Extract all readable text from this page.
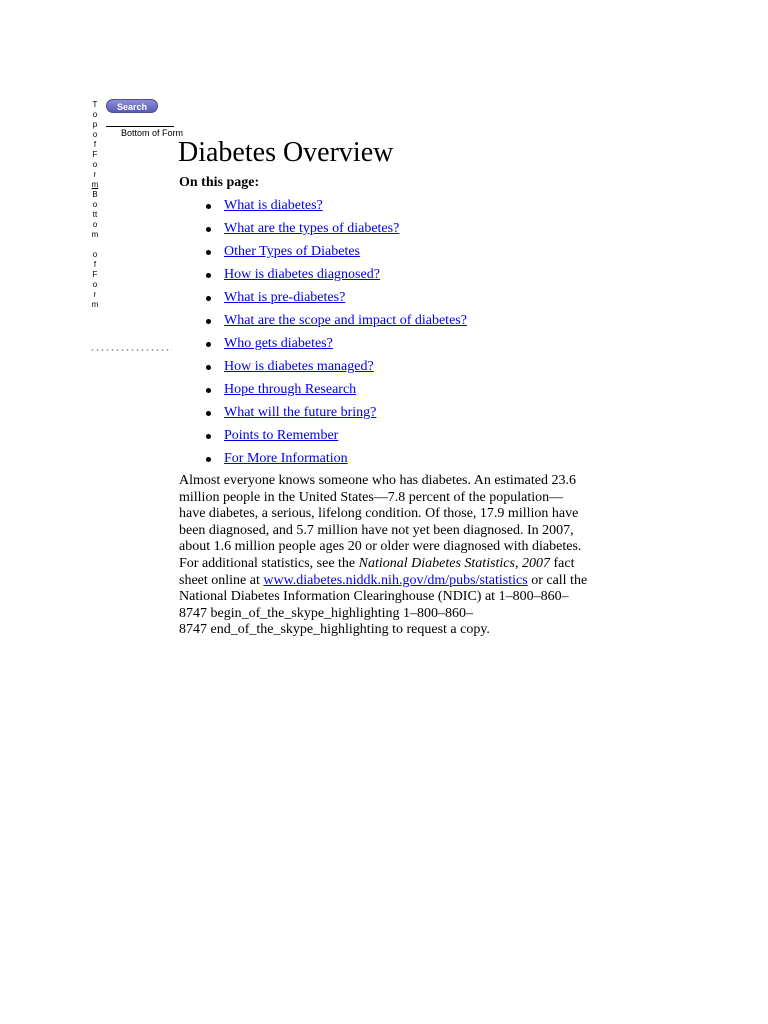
T
o
p
o
f
F
o
r
m
B
o
tt
o
m
o
f
F
o
r
m
Search
Bottom of Form
Diabetes Overview
On this page:
What is diabetes?
What are the types of diabetes?
Other Types of Diabetes
How is diabetes diagnosed?
What is pre-diabetes?
What are the scope and impact of diabetes?
Who gets diabetes?
How is diabetes managed?
Hope through Research
What will the future bring?
Points to Remember
For More Information

Almost everyone knows someone who has diabetes. An estimated 23.6
million people in the United States—7.8 percent of the population—
have diabetes, a serious, lifelong condition. Of those, 17.9 million have
been diagnosed, and 5.7 million have not yet been diagnosed. In 2007,
about 1.6 million people ages 20 or older were diagnosed with diabetes.
For additional statistics, see the National Diabetes Statistics, 2007 fact
sheet online at www.diabetes.niddk.nih.gov/dm/pubs/statistics or call the
National Diabetes Information Clearinghouse (NDIC) at 1–800–860–
8747 begin_of_the_skype_highlighting 1–800–860–
8747 end_of_the_skype_highlighting to request a copy.
